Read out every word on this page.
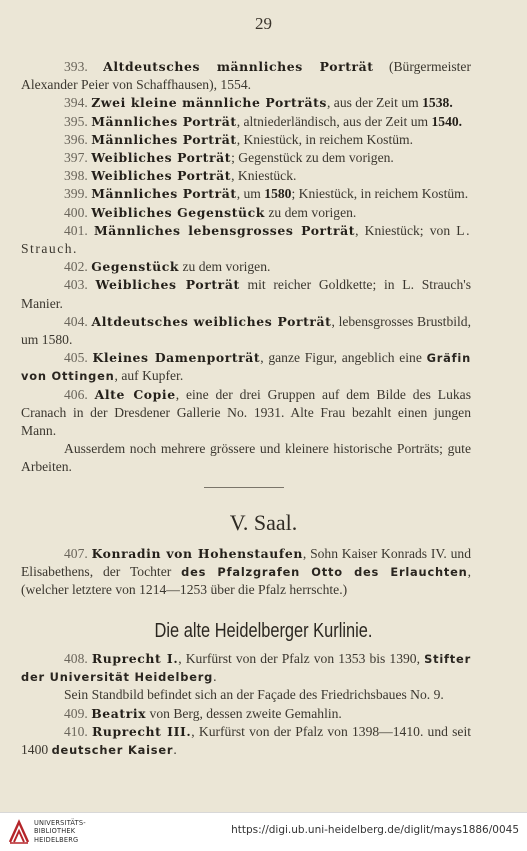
29

393. Altdeutsches männliches Porträt (Bürgermeister Alexander Peier von Schaffhausen), 1554.

394. Zwei kleine männliche Porträts, aus der Zeit um 1538.

395. Männliches Porträt, altniederländisch, aus der Zeit um 1540.

396. Männliches Porträt, Kniestück, in reichem Kostüm.

397. Weibliches Porträt; Gegenstück zu dem vorigen.

398. Weibliches Porträt, Kniestück.

399. Männliches Porträt, um 1580; Kniestück, in reichem Kostüm.

400. Weibliches Gegenstück zu dem vorigen.

401. Männliches lebensgrosses Porträt, Kniestück; von L. Strauch.

402. Gegenstück zu dem vorigen.

403. Weibliches Porträt mit reicher Goldkette; in L. Strauch's Manier.

404. Altdeutsches weibliches Porträt, lebensgrosses Brustbild, um 1580.

405. Kleines Damenporträt, ganze Figur, angeblich eine Gräfin von Ottingen, auf Kupfer.

406. Alte Copie, eine der drei Gruppen auf dem Bilde des Lukas Cranach in der Dresdener Gallerie No. 1931. Alte Frau bezahlt einen jungen Mann.

Ausserdem noch mehrere grössere und kleinere historische Porträts; gute Arbeiten.

V. Saal.

407. Konradin von Hohenstaufen, Sohn Kaiser Konrads IV. und Elisabethens, der Tochter des Pfalzgrafen Otto des Erlauchten, (welcher letztere von 1214—1253 über die Pfalz herrschte.)

Die alte Heidelberger Kurlinie.

408. Ruprecht I., Kurfürst von der Pfalz von 1353 bis 1390, Stifter der Universität Heidelberg.

Sein Standbild befindet sich an der Façade des Friedrichsbaues No. 9.

409. Beatrix von Berg, dessen zweite Gemahlin.

410. Ruprecht III., Kurfürst von der Pfalz von 1398—1410. und seit 1400 deutscher Kaiser.

UNIVERSITÄTS-
BIBLIOTHEK
HEIDELBERG
https://digi.ub.uni-heidelberg.de/diglit/mays1886/0045
